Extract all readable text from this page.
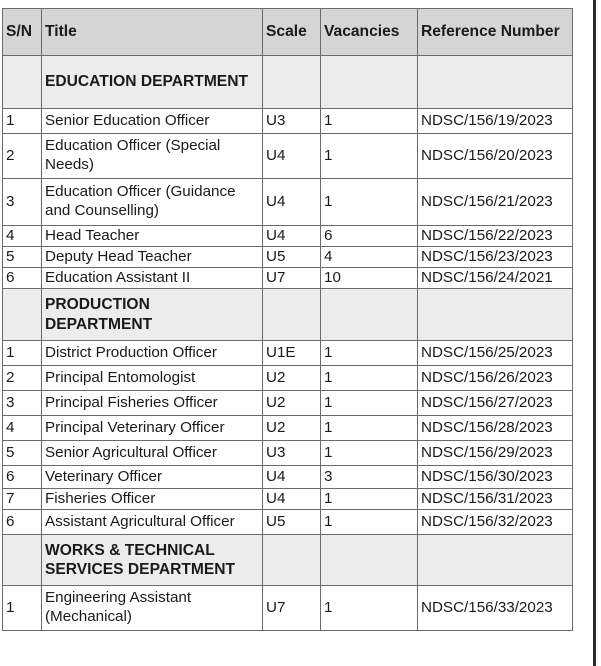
S/N	Title	Scale	Vacancies	Reference Number
	EDUCATION DEPARTMENT			
1	Senior Education Officer	U3	1	NDSC/156/19/2023
2	Education Officer (Special Needs)	U4	1	NDSC/156/20/2023
3	Education Officer (Guidance and Counselling)	U4	1	NDSC/156/21/2023
4	Head Teacher	U4	6	NDSC/156/22/2023
5	Deputy Head Teacher	U5	4	NDSC/156/23/2023
6	Education Assistant II	U7	10	NDSC/156/24/2021
	PRODUCTION DEPARTMENT			
1	District Production Officer	U1E	1	NDSC/156/25/2023
2	Principal Entomologist	U2	1	NDSC/156/26/2023
3	Principal Fisheries Officer	U2	1	NDSC/156/27/2023
4	Principal Veterinary Officer	U2	1	NDSC/156/28/2023
5	Senior Agricultural Officer	U3	1	NDSC/156/29/2023
6	Veterinary Officer	U4	3	NDSC/156/30/2023
7	Fisheries Officer	U4	1	NDSC/156/31/2023
6	Assistant Agricultural Officer	U5	1	NDSC/156/32/2023
	WORKS & TECHNICAL SERVICES DEPARTMENT			
1	Engineering Assistant (Mechanical)	U7	1	NDSC/156/33/2023
